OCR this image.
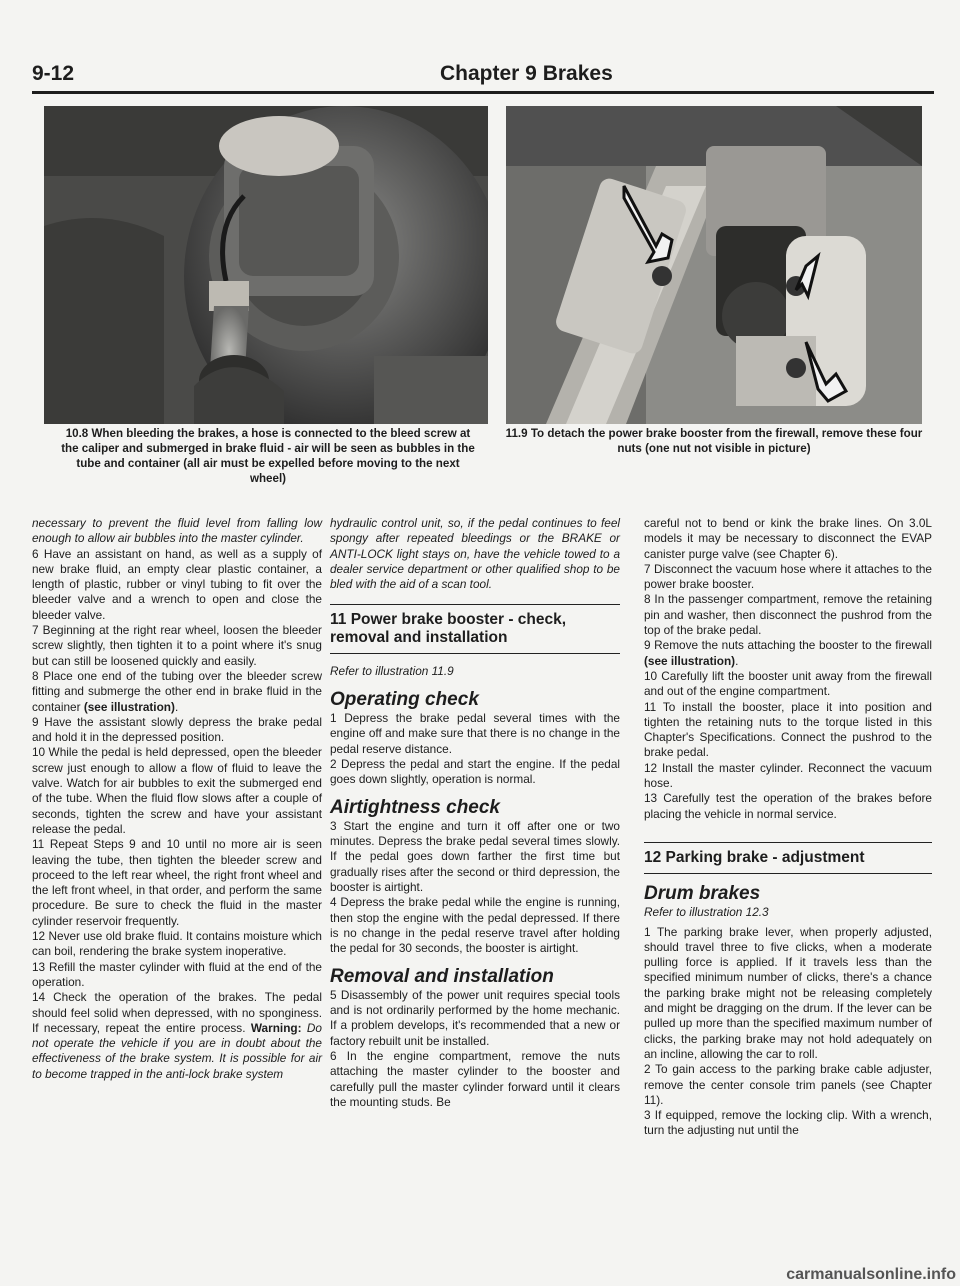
9-12	Chapter 9 Brakes
10.8 When bleeding the brakes, a hose is connected to the bleed screw at the caliper and submerged in brake fluid - air will be seen as bubbles in the tube and container (all air must be expelled before moving to the next wheel)
11.9 To detach the power brake booster from the firewall, remove these four nuts (one nut not visible in picture)

necessary to prevent the fluid level from falling low enough to allow air bubbles into the master cylinder.

6 Have an assistant on hand, as well as a supply of new brake fluid, an empty clear plastic container, a length of plastic, rubber or vinyl tubing to fit over the bleeder valve and a wrench to open and close the bleeder valve.

7 Beginning at the right rear wheel, loosen the bleeder screw slightly, then tighten it to a point where it's snug but can still be loosened quickly and easily.

8 Place one end of the tubing over the bleeder screw fitting and submerge the other end in brake fluid in the container (see illustration).

9 Have the assistant slowly depress the brake pedal and hold it in the depressed position.

10 While the pedal is held depressed, open the bleeder screw just enough to allow a flow of fluid to leave the valve. Watch for air bubbles to exit the submerged end of the tube. When the fluid flow slows after a couple of seconds, tighten the screw and have your assistant release the pedal.

11 Repeat Steps 9 and 10 until no more air is seen leaving the tube, then tighten the bleeder screw and proceed to the left rear wheel, the right front wheel and the left front wheel, in that order, and perform the same procedure. Be sure to check the fluid in the master cylinder reservoir frequently.

12 Never use old brake fluid. It contains moisture which can boil, rendering the brake system inoperative.

13 Refill the master cylinder with fluid at the end of the operation.

14 Check the operation of the brakes. The pedal should feel solid when depressed, with no sponginess. If necessary, repeat the entire process. Warning: Do not operate the vehicle if you are in doubt about the effectiveness of the brake system. It is possible for air to become trapped in the anti-lock brake system

hydraulic control unit, so, if the pedal continues to feel spongy after repeated bleedings or the BRAKE or ANTI-LOCK light stays on, have the vehicle towed to a dealer service department or other qualified shop to be bled with the aid of a scan tool.

11 Power brake booster - check, removal and installation

Refer to illustration 11.9

Operating check

1 Depress the brake pedal several times with the engine off and make sure that there is no change in the pedal reserve distance.

2 Depress the pedal and start the engine. If the pedal goes down slightly, operation is normal.

Airtightness check

3 Start the engine and turn it off after one or two minutes. Depress the brake pedal several times slowly. If the pedal goes down farther the first time but gradually rises after the second or third depression, the booster is airtight.

4 Depress the brake pedal while the engine is running, then stop the engine with the pedal depressed. If there is no change in the pedal reserve travel after holding the pedal for 30 seconds, the booster is airtight.

Removal and installation

5 Disassembly of the power unit requires special tools and is not ordinarily performed by the home mechanic. If a problem develops, it's recommended that a new or factory rebuilt unit be installed.

6 In the engine compartment, remove the nuts attaching the master cylinder to the booster and carefully pull the master cylinder forward until it clears the mounting studs. Be

careful not to bend or kink the brake lines. On 3.0L models it may be necessary to disconnect the EVAP canister purge valve (see Chapter 6).

7 Disconnect the vacuum hose where it attaches to the power brake booster.

8 In the passenger compartment, remove the retaining pin and washer, then disconnect the pushrod from the top of the brake pedal.

9 Remove the nuts attaching the booster to the firewall (see illustration).

10 Carefully lift the booster unit away from the firewall and out of the engine compartment.

11 To install the booster, place it into position and tighten the retaining nuts to the torque listed in this Chapter's Specifications. Connect the pushrod to the brake pedal.

12 Install the master cylinder. Reconnect the vacuum hose.

13 Carefully test the operation of the brakes before placing the vehicle in normal service.

12 Parking brake - adjustment
Drum brakes

Refer to illustration 12.3

1 The parking brake lever, when properly adjusted, should travel three to five clicks, when a moderate pulling force is applied. If it travels less than the specified minimum number of clicks, there's a chance the parking brake might not be releasing completely and might be dragging on the drum. If the lever can be pulled up more than the specified maximum number of clicks, the parking brake may not hold adequately on an incline, allowing the car to roll.

2 To gain access to the parking brake cable adjuster, remove the center console trim panels (see Chapter 11).

3 If equipped, remove the locking clip. With a wrench, turn the adjusting nut until the

carmanualsonline.info
